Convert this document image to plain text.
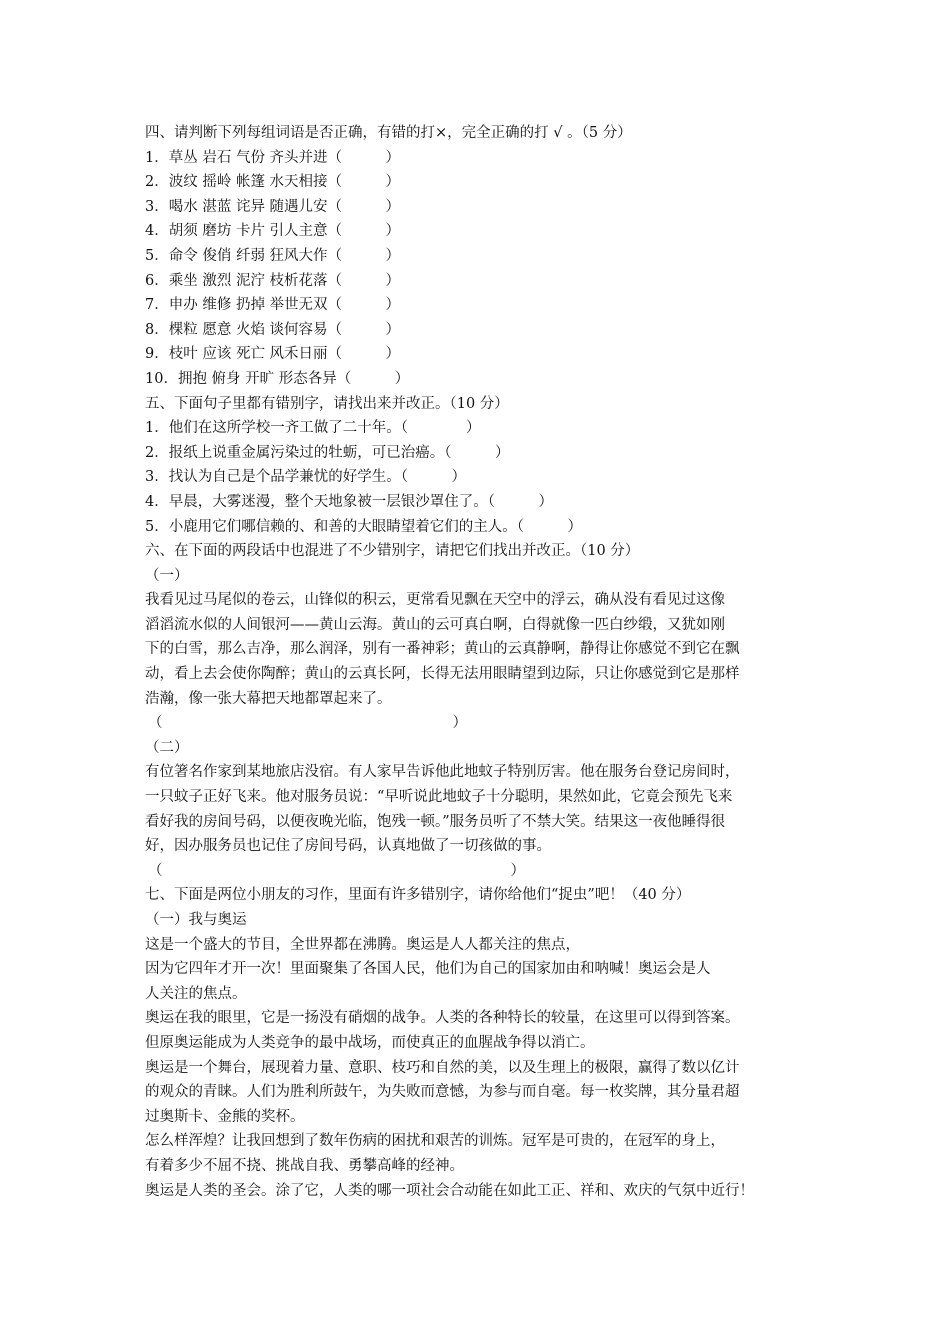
四、请判断下列每组词语是否正确，有错的打×，完全正确的打 √ 。（5 分）
1．草丛 岩石 气份 齐头并进（　　　）
2．波纹 摇岭 帐篷 水天相接（　　　）
3．喝水 湛蓝 诧异 随遇儿安（　　　）
4．胡须 磨坊 卡片 引人主意（　　　）
5．命令 俊俏 纤弱 狂风大作（　　　）
6．乘坐 激烈 泥泞 枝析花落（　　　）
7．申办 维修 扔掉 举世无双（　　　）
8．棵粒 愿意 火焰 谈何容易（　　　）
9．枝叶 应该 死亡 风禾日丽（　　　）
10．拥抱 俯身 开旷 形态各异（　　　）
五、下面句子里都有错别字，请找出来并改正。（10 分）
1．他们在这所学校一齐工做了二十年。（　　　　）
2．报纸上说重金属污染过的牡蛎，可已治癌。（　　　）
3．找认为自己是个品学兼忧的好学生。（　　　）
4．早晨，大雾迷漫，整个天地象被一层银沙罩住了。（　　　）
5．小鹿用它们哪信赖的、和善的大眼睛望着它们的主人。（　　　）
六、在下面的两段话中也混进了不少错别字，请把它们找出并改正。（10 分）
（一）
我看见过马尾似的卷云，山锋似的积云，更常看见飘在天空中的浮云，确从没有看见过这像
滔滔流水似的人间银河——黄山云海。黄山的云可真白啊，白得就像一匹白纱缎，又犹如刚
下的白雪，那么吉净，那么润泽，别有一番神彩；黄山的云真静啊，静得让你感觉不到它在飘
动，看上去会使你陶醉；黄山的云真长阿，长得无法用眼睛望到边际，只让你感觉到它是那样
浩瀚，像一张大幕把天地都罩起来了。
（　　　　　　　　　　　　　　　　　　　　）
（二）
有位箸名作家到某地旅店没宿。有人家早告诉他此地蚊子特别厉害。他在服务台登记房间时，
一只蚊子正好飞来。他对服务员说：“早听说此地蚊子十分聪明，果然如此，它竟会预先飞来
看好我的房间号码，以便夜晚光临，饱残一顿。”服务员听了不禁大笑。结果这一夜他睡得很
好，因办服务员也记住了房间号码，认真地做了一切孩做的事。
（　　　　　　　　　　　　　　　　　　　　　　　　）
七、下面是两位小朋友的习作，里面有许多错别字，请你给他们“捉虫”吧！（40 分）
（一）我与奥运
这是一个盛大的节目，全世界都在沸腾。奥运是人人都关注的焦点，
因为它四年才开一次！里面聚集了各国人民，他们为自己的国家加由和呐喊！奥运会是人
人关注的焦点。
奥运在我的眼里，它是一扬没有硝烟的战争。人类的各种特长的较量，在这里可以得到答案。
但原奥运能成为人类竞争的最中战场，而使真正的血腥战争得以消亡。
奥运是一个舞台，展现着力量、意职、枝巧和自然的美，以及生理上的极限，赢得了数以亿计
的观众的青睐。人们为胜利所鼓午，为失败而意憾，为参与而自毫。每一枚奖牌，其分量君超
过奥斯卡、金熊的奖杯。
怎么样浑煌？让我回想到了数年伤病的困扰和艰苦的训炼。冠军是可贵的，在冠军的身上，
有着多少不屈不挠、挑战自我、勇攀高峰的经神。
奥运是人类的圣会。涂了它，人类的哪一项社会合动能在如此工正、祥和、欢庆的气氛中近行！
